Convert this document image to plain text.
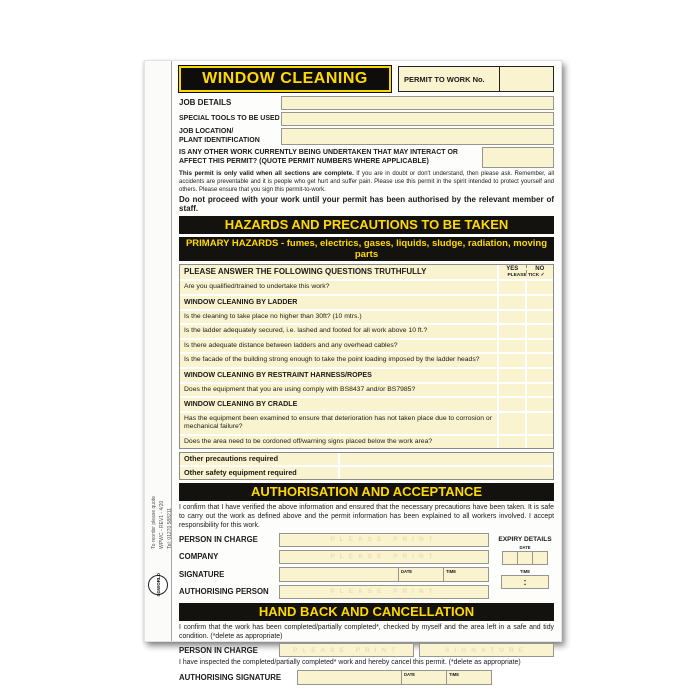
To reorder please quote WPWC - REV1 - 4/20 Tel: 01270 588211
SGWORLD
WINDOW CLEANING	PERMIT TO WORK No.
JOB DETAILS
SPECIAL TOOLS TO BE USED
JOB LOCATION/
PLANT IDENTIFICATION
IS ANY OTHER WORK CURRENTLY BEING UNDERTAKEN THAT MAY INTERACT OR AFFECT THIS PERMIT? (QUOTE PERMIT NUMBERS WHERE APPLICABLE)

This permit is only valid when all sections are complete. If you are in doubt or don't understand, then please ask. Remember, all accidents are preventable and it is people who get hurt and suffer pain. Please use this permit in the spirit intended to protect yourself and others. Please ensure that you sign this permit-to-work.

Do not proceed with your work until your permit has been authorised by the relevant member of staff.

HAZARDS AND PRECAUTIONS TO BE TAKEN
PRIMARY HAZARDS - fumes, electrics, gases, liquids, sludge, radiation, moving parts
PLEASE ANSWER THE FOLLOWING QUESTIONS TRUTHFULLY	YES	NO
PLEASE TICK ✓
Are you qualified/trained to undertake this work?
WINDOW CLEANING BY LADDER
Is the cleaning to take place no higher than 30ft? (10 mtrs.)
Is the ladder adequately secured, i.e. lashed and footed for all work above 10 ft.?
Is there adequate distance between ladders and any overhead cables?
Is the facade of the building strong enough to take the point loading imposed by the ladder heads?
WINDOW CLEANING BY RESTRAINT HARNESS/ROPES
Does the equipment that you are using comply with BS8437 and/or BS7985?
WINDOW CLEANING BY CRADLE
Has the equipment been examined to ensure that deterioration has not taken place due to corrosion or mechanical failure?
Does the area need to be cordoned off/warning signs placed below the work area?
Other precautions required
Other safety equipment required
AUTHORISATION AND ACCEPTANCE

I confirm that I have verified the above information and ensured that the necessary precautions have been taken. It is safe to carry out the work as defined above and the permit information has been explained to all workers involved. I accept responsibility for this work.

PERSON IN CHARGE	PLEASE PRINT
COMPANY	PLEASE PRINT
SIGNATURE	DATE	TIME
AUTHORISING PERSON	PLEASE PRINT
EXPIRY DETAILS
DATE
TIME
:
HAND BACK AND CANCELLATION

I confirm that the work has been completed/partially completed*, checked by myself and the area left in a safe and tidy condition. (*delete as appropriate)

PERSON IN CHARGE	PLEASE PRINT	SIGNATURE

I have inspected the completed/partially completed* work and hereby cancel this permit. (*delete as appropriate)

AUTHORISING SIGNATURE	DATE	TIME
